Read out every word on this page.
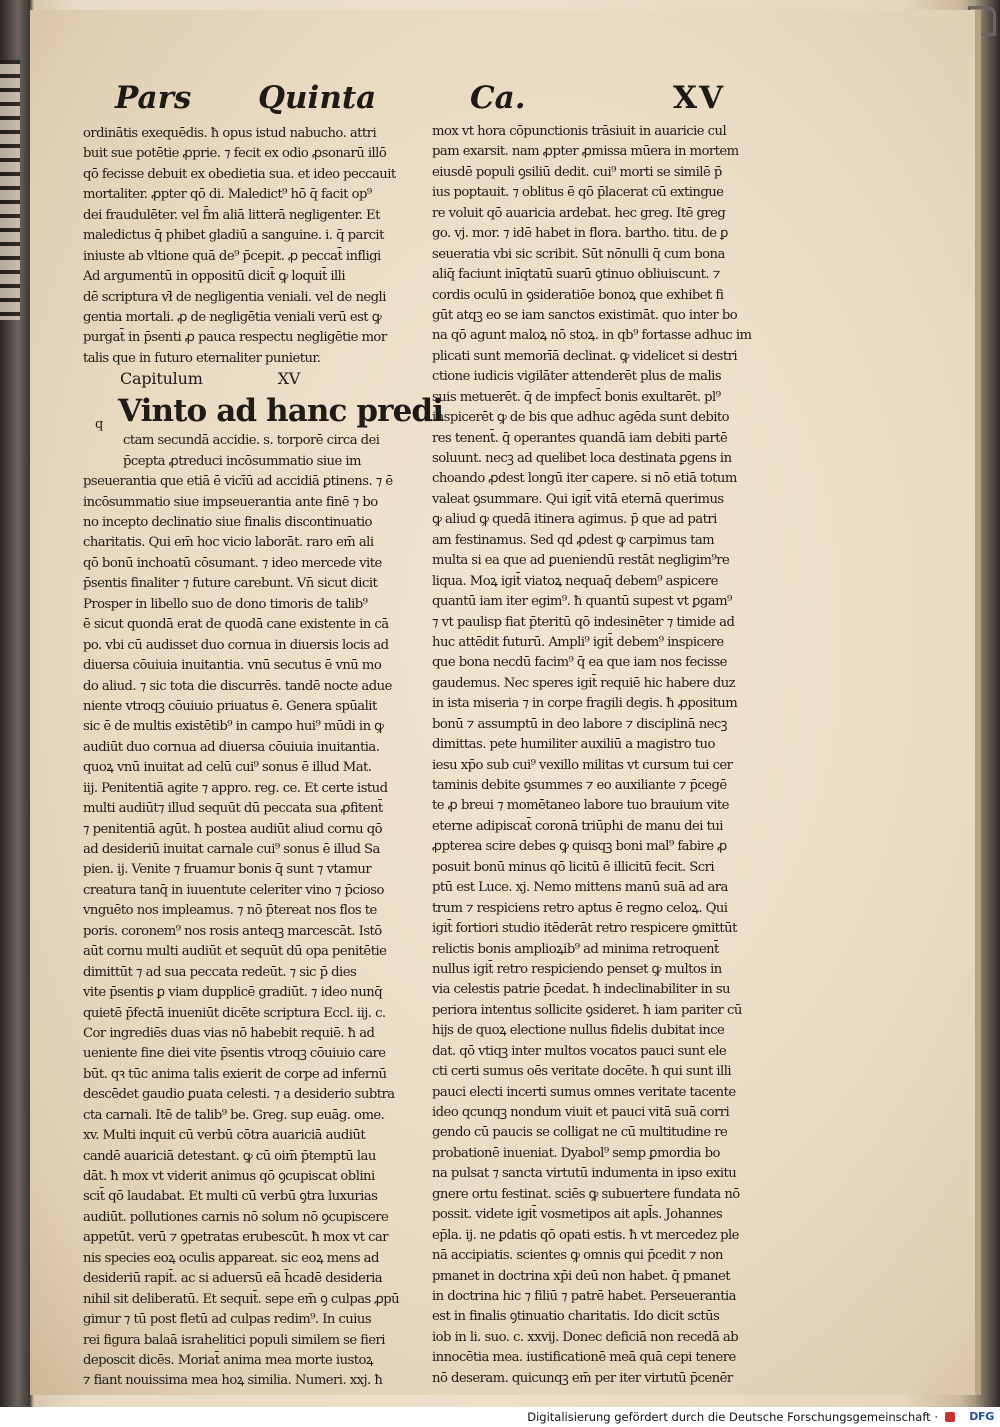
Pars Quinta	Ca.	XV
ordinātis exequēdis. ħ opus istud nabucho. attri
buit sue potētie ꝓprie. ⁊ fecit ex odio ꝓsonarū illō
qō fecisse debuit ex obedietia sua. et ideo peccauit
mortaliter. ꝓpter qō di. Maledict⁹ hō q̄ facit op⁹
dei fraudulēter. vel f̄m aliā litterā negligenter. Et
maledictus q̄ phibet gladiū a sanguine. i. q̄ parcit
iniuste ab vltione quā de⁹ p̄cepit. ꝓ peccat̄ infligi
Ad argumentū in oppositū dicit̄ ꝙ loquit̄ illi
dē scriptura vł̄ de negligentia veniali. vel de negli
gentia mortali. ꝓ de negligētia veniali verū est ꝙ
purgat̄ in p̄senti ꝓ pauca respectu negligētie mor
talis que in futuro eternaliter punietur.
Capitulum	XV
Vinto ad hanc predi
q
ctam secundā accidie. s. torporē circa dei
p̄cepta ꝓtreduci incōsummatio siue im
pseuerantia que etiā ē vicīū ad accidiā ꝑtinens. ⁊ ē
incōsummatio siue impseuerantia ante finē ⁊ bo
no incepto declinatio siue finalis discontinuatio
charitatis. Qui em̄ hoc vicio laborāt. raro em̄ ali
qō bonū inchoatū cōsumant. ⁊ ideo mercede vite
p̄sentis finaliter ⁊ future carebunt. Vn̄ sicut dicit
Prosper in libello suo de dono timoris de talib⁹
ē sicut quondā erat de quodā cane existente in cā
po. vbi cū audisset duo cornua in diuersis locis ad
diuersa cōuiuia inuitantia. vnū secutus ē vnū mo
do aliud. ⁊ sic tota die discurrēs. tandē nocte adue
niente vtroqꝫ cōuiuio priuatus ē. Genera spūalit
sic ē de multis existētib⁹ in campo hui⁹ mūdi in ꝙ
audiūt duo cornua ad diuersa cōuiuia inuitantia.
quoꝝ vnū inuitat ad celū cui⁹ sonus ē illud Mat.
iij. Penitentiā agite ⁊ appro. reg. ce. Et certe istud
multi audiūt⁊ illud sequūt dū peccata sua ꝓfitent̄
⁊ penitentiā agūt. ħ postea audiūt aliud cornu qō
ad desideriū inuitat carnale cui⁹ sonus ē illud Sa
pien. ij. Venite ⁊ fruamur bonis q̄ sunt ⁊ vtamur
creatura tanq̄ in iuuentute celeriter vino ⁊ p̄cioso
vnguēto nos impleamus. ⁊ nō p̄tereat nos flos te
poris. coronem⁹ nos rosis anteqꝫ marcescāt. Istō
aūt cornu multi audiūt et sequūt dū opa penitētie
dimittūt ⁊ ad sua peccata redeūt. ⁊ sic p̄ dies
vite p̄sentis ꝑ viam dupplicē gradiūt. ⁊ ideo nunq̄
quietē p̄fectā inueniūt dicēte scriptura Eccl. iij. c.
Cor ingrediēs duas vias nō habebit requiē. ħ ad
ueniente fine diei vite p̄sentis vtroqꝫ cōuiuio care
būt. qꝛ tūc anima talis exierit de corpe ad infernū
descēdet gaudio ꝑuata celesti. ⁊ a desiderio subtra
cta carnali. Itē de talib⁹ be. Greg. sup euāg. ome.
xv. Multi inquit cū verbū cōtra auariciā audiūt
candē auariciā detestant. ꝙ cū oim̄ p̄temptū lau
dāt. ħ mox vt viderit animus qō ꝯcupiscat oblini
scit̄ qō laudabat. Et multi cū verbū ꝯtra luxurias
audiūt. pollutiones carnis nō solum nō ꝯcupiscere
appetūt. verū ⁊ ꝯpetratas erubescūt. ħ mox vt car
nis species eoꝝ oculis appareat. sic eoꝝ mens ad
desideriū rapit̄. ac si aduersū eā h̄cadē desideria
nihil sit deliberatū. Et sequit̄. sepe em̄ ꝯ culpas ꝓpū
gimur ⁊ tū post fletū ad culpas redim⁹. In cuius
rei figura balaā israhelitici populi similem se fieri
deposcit dicēs. Moriat̄ anima mea morte iustoꝝ
⁊ fiant nouissima mea hoꝝ similia. Numeri. xxj. ħ
mox vt hora cōpunctionis trāsiuit in auaricie cul
pam exarsit. nam ꝓpter ꝓmissa mūera in mortem
eiusdē populi ꝯsiliū dedit. cui⁹ morti se similē p̄
ius poptauit. ⁊ oblitus ē qō p̄lacerat cū extingue
re voluit qō auaricia ardebat. hec greg. Itē greg
go. vj. mor. ⁊ idē habet in flora. bartho. titu. de ꝑ
seueratia vbi sic scribit. Sūt nōnulli q̄ cum bona
aliq̄ faciunt inīqtatū suarū ꝯtinuo obliuiscunt. ⁊
cordis oculū in ꝯsideratiōe bonoꝝ que exhibet fi
gūt atqꝫ eo se iam sanctos existimāt. quo inter bo
na qō agunt maloꝝ nō stoꝝ. in qb⁹ fortasse adhuc im
plicati sunt memorīā declinat. ꝙ videlicet si destri
ctione iudicis vigilāter attenderēt plus de malis
suis metuerēt. q̄ de impfect̄ bonis exultarēt. pl⁹
inspicerēt ꝙ de bis que adhuc agēda sunt debito
res tenent̄. q̄ operantes quandā iam debiti partē
soluunt. necꝫ ad quelibet loca destinata ꝑgens in
choando ꝓdest longū iter capere. si nō etiā totum
valeat ꝯsummare. Qui igit̄ vitā eternā querimus
ꝙ aliud ꝙ quedā itinera agimus. p̄ que ad patri
am festinamus. Sed qd ꝓdest ꝙ carpimus tam
multa si ea que ad ꝑueniendū restāt negligim⁹re
liqua. Moꝝ igit̄ viatoꝝ nequaq̄ debem⁹ aspicere
quantū iam iter egim⁹. ħ quantū supest vt ꝑgam⁹
⁊ vt paulisp fiat p̄teritū qō indesinēter ⁊ timide ad
huc attēdit futurū. Ampli⁹ igit̄ debem⁹ inspicere
que bona necdū facim⁹ q̄ ea que iam nos fecisse
gaudemus. Nec speres igit̄ requiē hic habere duz
in ista miseria ⁊ in corpe fragili degis. ħ ꝓpositum
bonū ⁊ assumptū in deo labore ⁊ disciplinā necꝫ
dimittas. pete humiliter auxiliū a magistro tuo
iesu xp̄o sub cui⁹ vexillo militas vt cursum tui cer
taminis debite ꝯsummes ⁊ eo auxiliante ⁊ p̄cegē
te ꝓ breui ⁊ momētaneo labore tuo brauium vite
eterne adipiscat̄ coronā triūphi de manu dei tui
ꝓpterea scire debes ꝙ quisqꝫ boni mal⁹ fabire ꝓ
posuit bonū minus qō licitū ē illicitū fecit. Scri
ptū est Luce. xj. Nemo mittens manū suā ad ara
trum ⁊ respiciens retro aptus ē regno celoꝝ. Qui
igit̄ fortiori studio itēderāt retro respicere ꝯmittūt
relictis bonis amplioꝝib⁹ ad minima retroquent̄
nullus igit̄ retro respiciendo penset ꝙ multos in
via celestis patrie p̄cedat. ħ indeclinabiliter in su
periora intentus sollicite ꝯsideret. ħ iam pariter cū
hijs de quoꝝ electione nullus fidelis dubitat ince
dat. qō vtiqꝫ inter multos vocatos pauci sunt ele
cti certi sumus oēs veritate docēte. ħ qui sunt illi
pauci electi incerti sumus omnes veritate tacente
ideo qcunqꝫ nondum viuit et pauci vitā suā corri
gendo cū paucis se colligat ne cū multitudine re
probationē inueniat. Dyabol⁹ semp ꝑmordia bo
na pulsat ⁊ sancta virtutū indumenta in ipso exitu
gnere ortu festinat. sciēs ꝙ subuertere fundata nō
possit. videte igit̄ vosmetipos ait apl̄s. Johannes
ep̄la. ij. ne ꝑdatis qō opati estis. ħ vt mercedez ple
nā accipiatis. scientes ꝙ omnis qui p̄cedit ⁊ non
pmanet in doctrina xp̄i deū non habet. q̄ pmanet
in doctrina hic ⁊ filiū ⁊ patrē habet. Perseuerantia
est in finalis ꝯtinuatio charitatis. Ido dicit sctūs
iob in li. suo. c. xxvij. Donec deficiā non recedā ab
innocētia mea. iustificationē meā quā cepi tenere
nō deseram. quicunqꝫ em̄ per iter virtutū p̄cenēr
Digitalisierung gefördert durch die Deutsche Forschungsgemeinschaft ·	DFG
